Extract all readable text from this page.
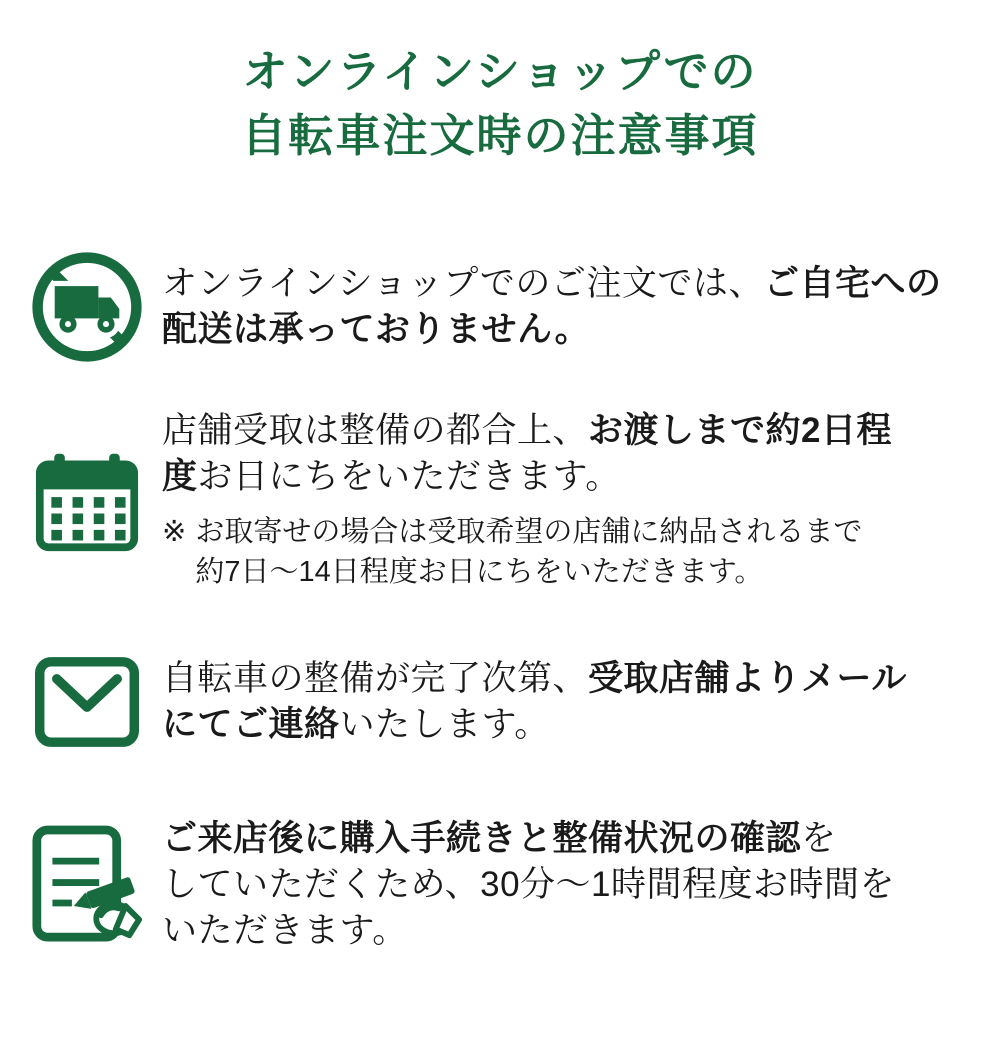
オンラインショップでの
自転車注文時の注意事項
オンラインショップでのご注文では、ご自宅への
配送は承っておりません。
店舗受取は整備の都合上、お渡しまで約2日程
度お日にちをいただきます。
※ お取寄せの場合は受取希望の店舗に納品されるまで
約7日〜14日程度お日にちをいただきます。
自転車の整備が完了次第、受取店舗よりメール
にてご連絡いたします。
ご来店後に購入手続きと整備状況の確認を
していただくため、30分〜1時間程度お時間を
いただきます。
